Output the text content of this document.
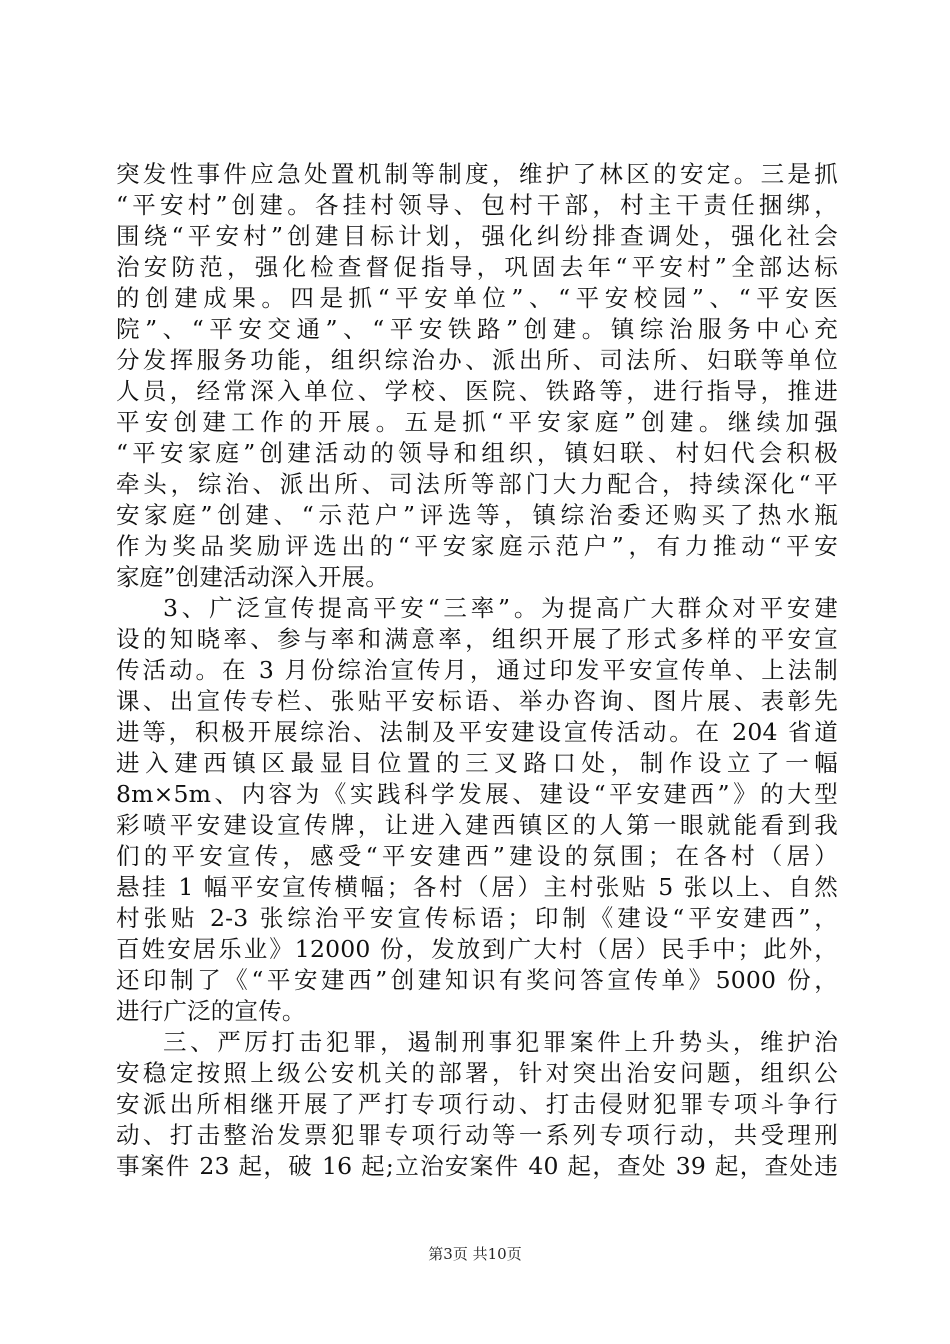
突发性事件应急处置机制等制度，维护了林区的安定。三是抓
“平安村”创建。各挂村领导、包村干部，村主干责任捆绑，
围绕“平安村”创建目标计划，强化纠纷排查调处，强化社会
治安防范，强化检查督促指导，巩固去年“平安村”全部达标
的创建成果。四是抓“平安单位”、“平安校园”、“平安医
院”、“平安交通”、“平安铁路”创建。镇综治服务中心充
分发挥服务功能，组织综治办、派出所、司法所、妇联等单位
人员，经常深入单位、学校、医院、铁路等，进行指导，推进
平安创建工作的开展。五是抓“平安家庭”创建。继续加强
“平安家庭”创建活动的领导和组织，镇妇联、村妇代会积极
牵头，综治、派出所、司法所等部门大力配合，持续深化“平
安家庭”创建、“示范户”评选等，镇综治委还购买了热水瓶
作为奖品奖励评选出的“平安家庭示范户”，有力推动“平安
家庭”创建活动深入开展。
3、广泛宣传提高平安“三率”。为提高广大群众对平安建
设的知晓率、参与率和满意率，组织开展了形式多样的平安宣
传活动。在 3 月份综治宣传月，通过印发平安宣传单、上法制
课、出宣传专栏、张贴平安标语、举办咨询、图片展、表彰先
进等，积极开展综治、法制及平安建设宣传活动。在 204 省道
进入建西镇区最显目位置的三叉路口处，制作设立了一幅
8m×5m、内容为《实践科学发展、建设“平安建西”》的大型
彩喷平安建设宣传牌，让进入建西镇区的人第一眼就能看到我
们的平安宣传，感受“平安建西”建设的氛围；在各村（居）
悬挂 1 幅平安宣传横幅；各村（居）主村张贴 5 张以上、自然
村张贴 2-3 张综治平安宣传标语；印制《建设“平安建西”，
百姓安居乐业》12000 份，发放到广大村（居）民手中；此外，
还印制了《“平安建西”创建知识有奖问答宣传单》5000 份，
进行广泛的宣传。
三、严厉打击犯罪，遏制刑事犯罪案件上升势头，维护治
安稳定按照上级公安机关的部署，针对突出治安问题，组织公
安派出所相继开展了严打专项行动、打击侵财犯罪专项斗争行
动、打击整治发票犯罪专项行动等一系列专项行动，共受理刑
事案件 23 起，破 16 起;立治安案件 40 起，查处 39 起，查处违
第3页 共10页
